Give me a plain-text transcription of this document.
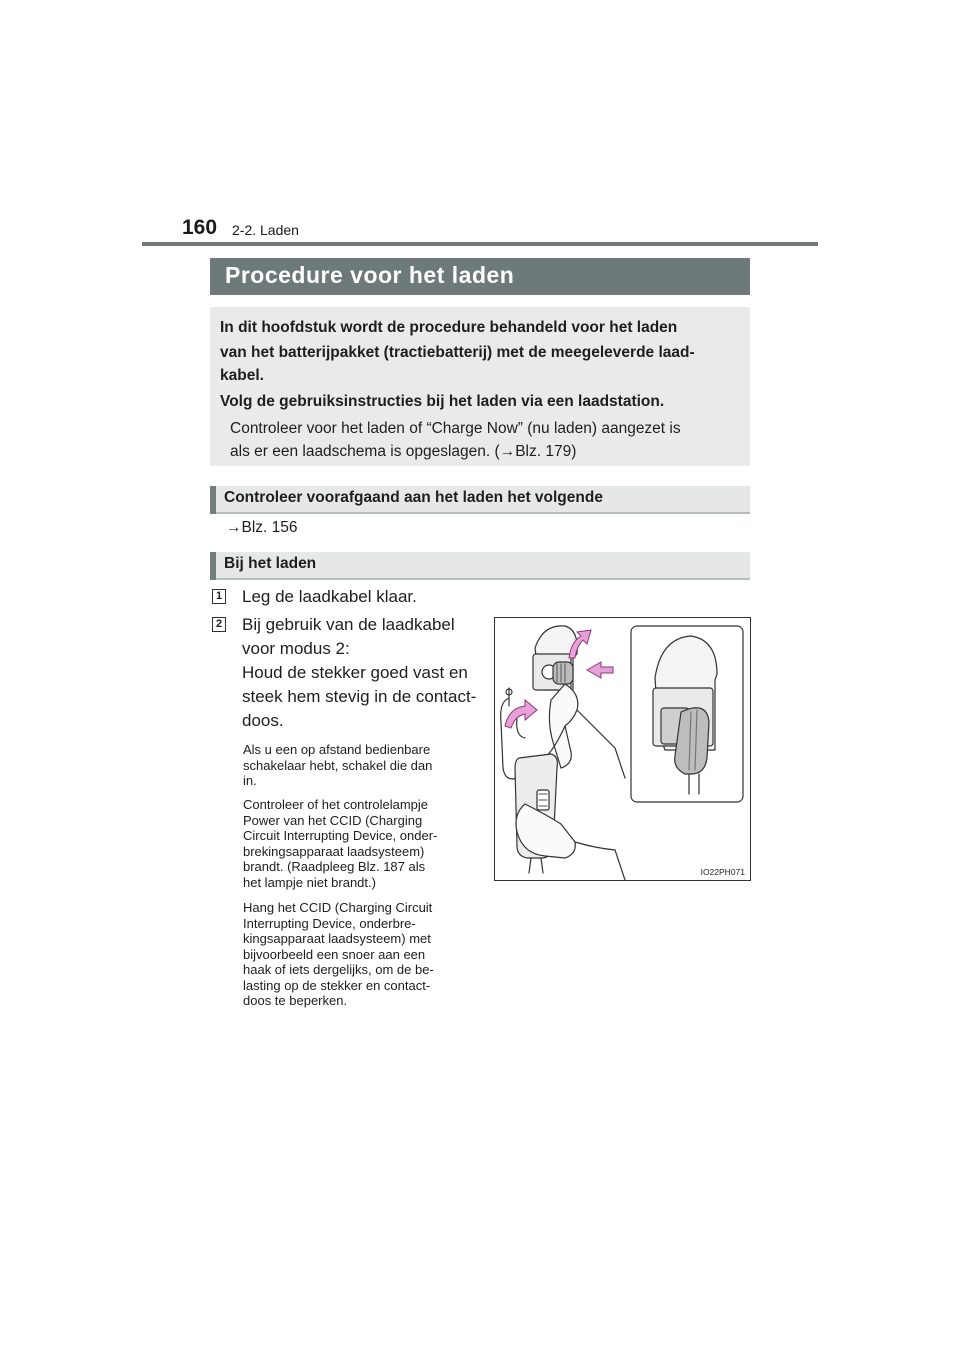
160 2-2. Laden
Procedure voor het laden
In dit hoofdstuk wordt de procedure behandeld voor het laden
van het batterijpakket (tractiebatterij) met de meegeleverde laad-
kabel.
Volg de gebruiksinstructies bij het laden via een laadstation.
Controleer voor het laden of “Charge Now” (nu laden) aangezet is
als er een laadschema is opgeslagen. (→Blz. 179)
Controleer voorafgaand aan het laden het volgende
→Blz. 156
Bij het laden
1 Leg de laadkabel klaar.
2 Bij gebruik van de laadkabel
voor modus 2:
Houd de stekker goed vast en
steek hem stevig in de contact-
doos.
Als u een op afstand bedienbare
schakelaar hebt, schakel die dan
in.
Controleer of het controlelampje
Power van het CCID (Charging
Circuit Interrupting Device, onder-
brekingsapparaat laadsysteem)
brandt. (Raadpleeg Blz. 187 als
het lampje niet brandt.)
Hang het CCID (Charging Circuit
Interrupting Device, onderbre-
kingsapparaat laadsysteem) met
bijvoorbeeld een snoer aan een
haak of iets dergelijks, om de be-
lasting op de stekker en contact-
doos te beperken.
IO22PH071
